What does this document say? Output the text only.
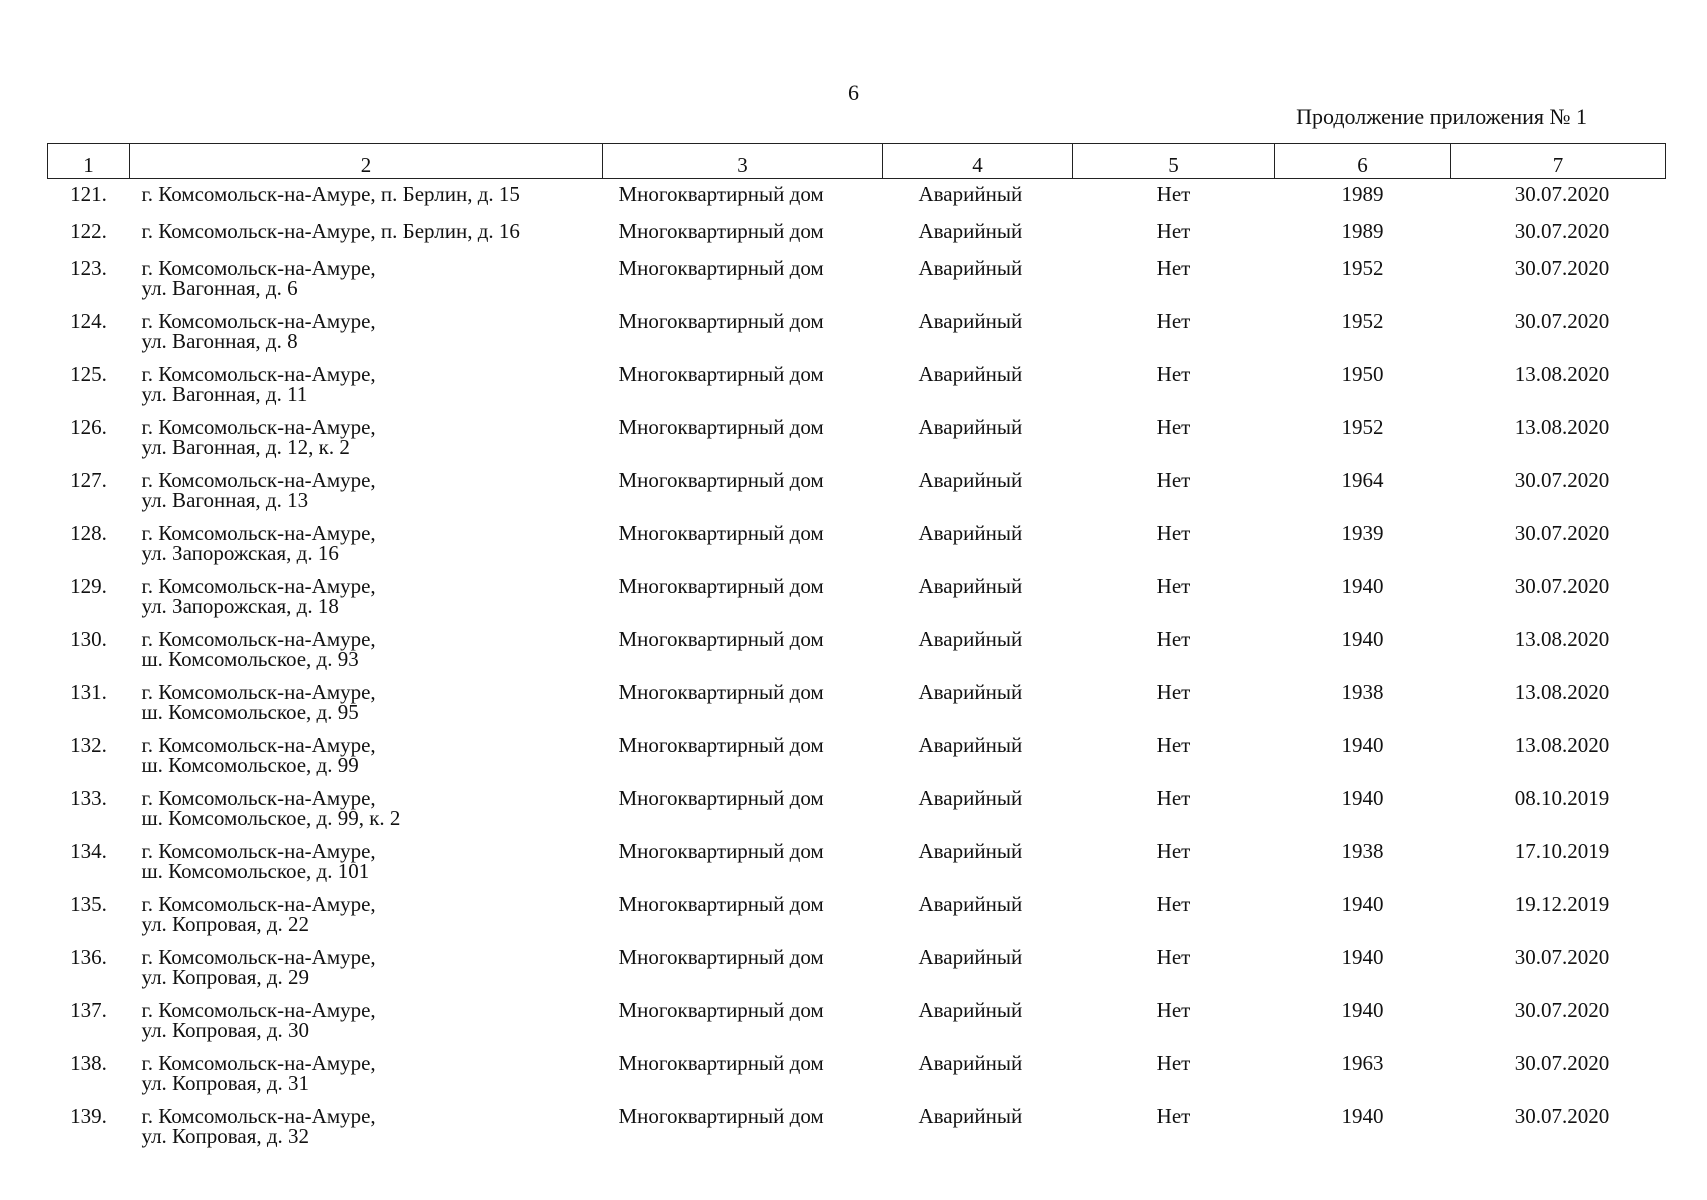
6
Продолжение приложения № 1
1	2	3	4	5	6	7
121.	г. Комсомольск-на-Амуре, п. Берлин, д. 15	Многоквартирный дом	Аварийный	Нет	1989	30.07.2020
122.	г. Комсомольск-на-Амуре, п. Берлин, д. 16	Многоквартирный дом	Аварийный	Нет	1989	30.07.2020
123.	г. Комсомольск-на-Амуре,
ул. Вагонная, д. 6	Многоквартирный дом	Аварийный	Нет	1952	30.07.2020
124.	г. Комсомольск-на-Амуре,
ул. Вагонная, д. 8	Многоквартирный дом	Аварийный	Нет	1952	30.07.2020
125.	г. Комсомольск-на-Амуре,
ул. Вагонная, д. 11	Многоквартирный дом	Аварийный	Нет	1950	13.08.2020
126.	г. Комсомольск-на-Амуре,
ул. Вагонная, д. 12, к. 2	Многоквартирный дом	Аварийный	Нет	1952	13.08.2020
127.	г. Комсомольск-на-Амуре,
ул. Вагонная, д. 13	Многоквартирный дом	Аварийный	Нет	1964	30.07.2020
128.	г. Комсомольск-на-Амуре,
ул. Запорожская, д. 16	Многоквартирный дом	Аварийный	Нет	1939	30.07.2020
129.	г. Комсомольск-на-Амуре,
ул. Запорожская, д. 18	Многоквартирный дом	Аварийный	Нет	1940	30.07.2020
130.	г. Комсомольск-на-Амуре,
ш. Комсомольское, д. 93	Многоквартирный дом	Аварийный	Нет	1940	13.08.2020
131.	г. Комсомольск-на-Амуре,
ш. Комсомольское, д. 95	Многоквартирный дом	Аварийный	Нет	1938	13.08.2020
132.	г. Комсомольск-на-Амуре,
ш. Комсомольское, д. 99	Многоквартирный дом	Аварийный	Нет	1940	13.08.2020
133.	г. Комсомольск-на-Амуре,
ш. Комсомольское, д. 99, к. 2	Многоквартирный дом	Аварийный	Нет	1940	08.10.2019
134.	г. Комсомольск-на-Амуре,
ш. Комсомольское, д. 101	Многоквартирный дом	Аварийный	Нет	1938	17.10.2019
135.	г. Комсомольск-на-Амуре,
ул. Копровая, д. 22	Многоквартирный дом	Аварийный	Нет	1940	19.12.2019
136.	г. Комсомольск-на-Амуре,
ул. Копровая, д. 29	Многоквартирный дом	Аварийный	Нет	1940	30.07.2020
137.	г. Комсомольск-на-Амуре,
ул. Копровая, д. 30	Многоквартирный дом	Аварийный	Нет	1940	30.07.2020
138.	г. Комсомольск-на-Амуре,
ул. Копровая, д. 31	Многоквартирный дом	Аварийный	Нет	1963	30.07.2020
139.	г. Комсомольск-на-Амуре,
ул. Копровая, д. 32	Многоквартирный дом	Аварийный	Нет	1940	30.07.2020
